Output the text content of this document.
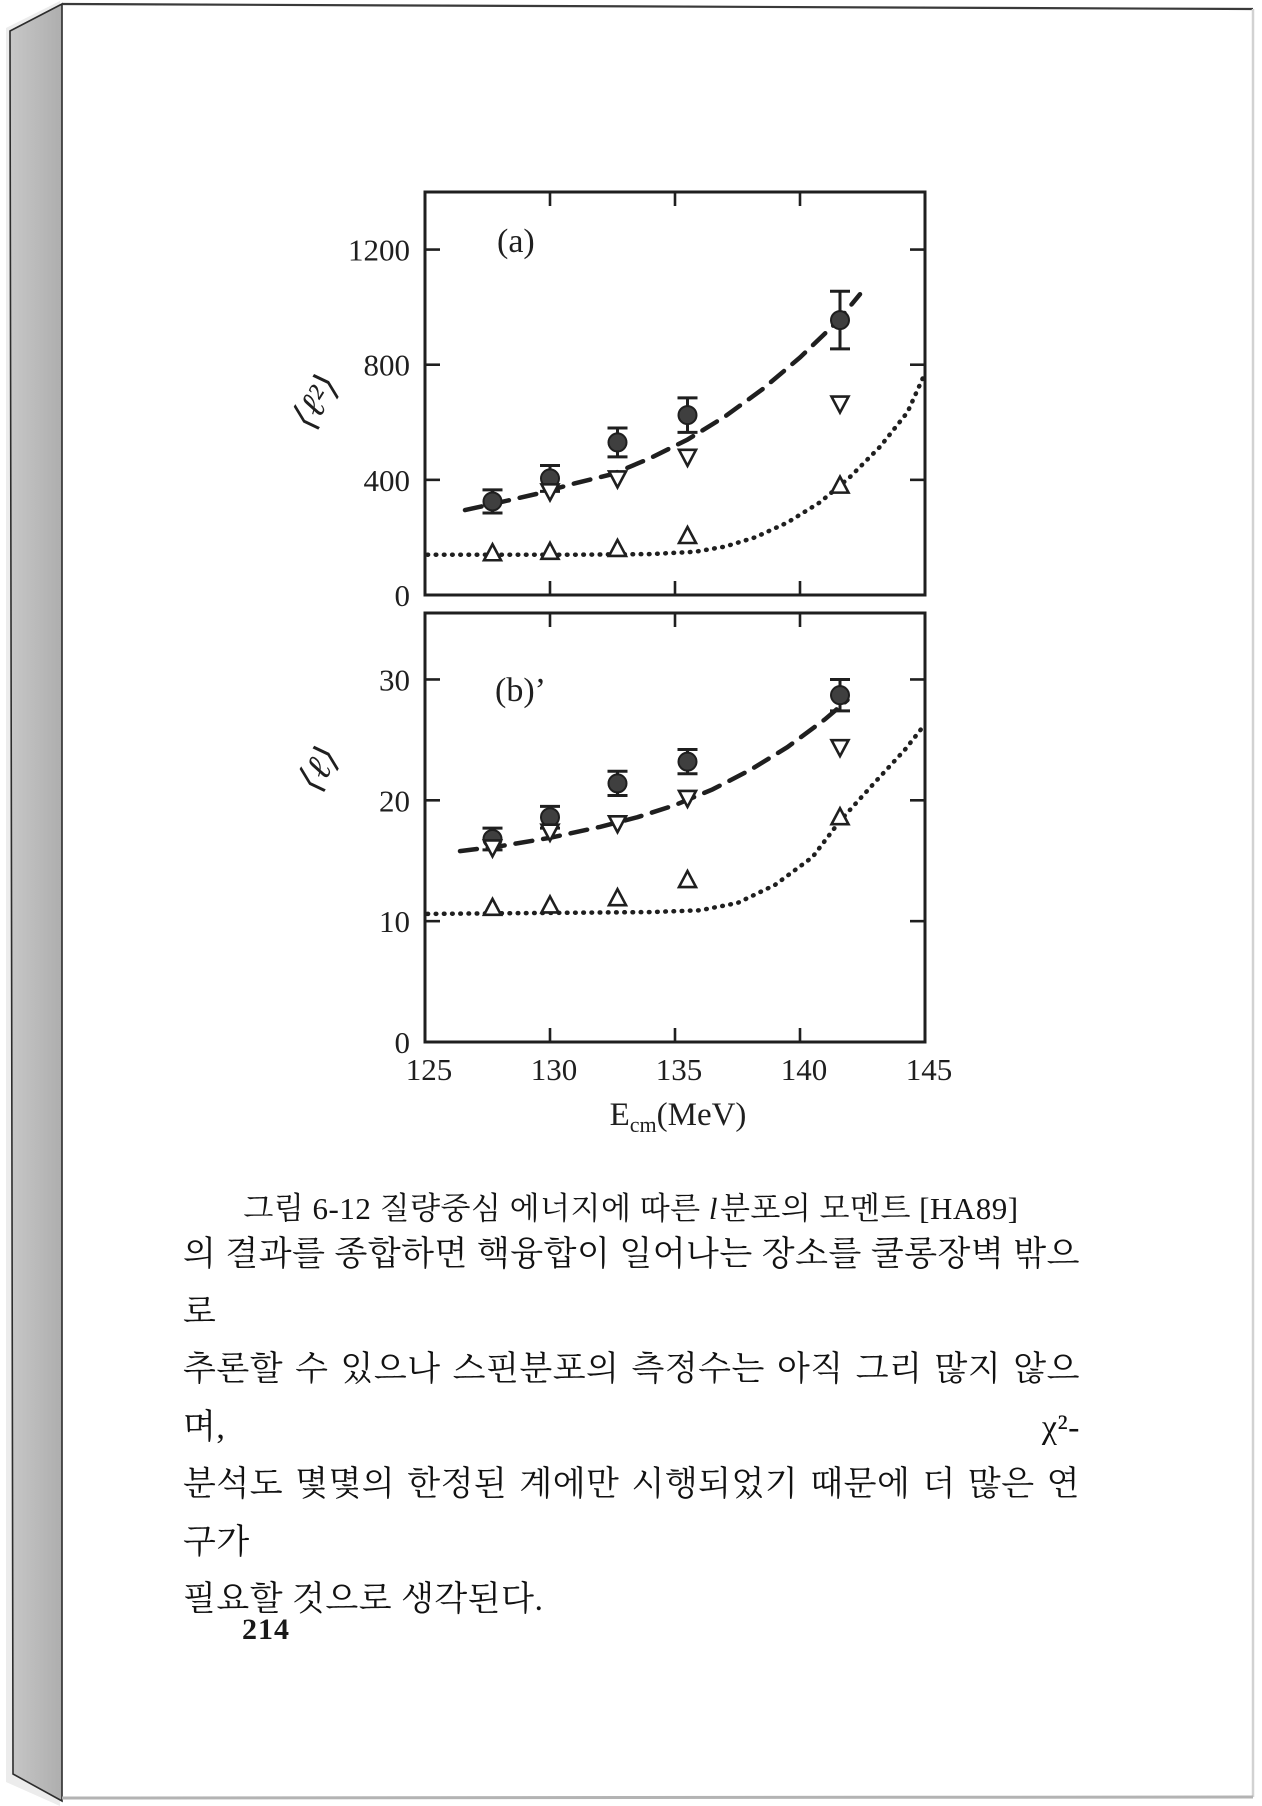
0
400
800
1200	(a)
⟨ℓ²⟩
0
10
20
30
125	130	135	140	145
(b)’
⟨ℓ⟩
$E_{cm}(MeV)$
그림 6-12 질량중심 에너지에 따른 l분포의 모멘트 [HA89]
의 결과를 종합하면 핵융합이 일어나는 장소를 쿨롱장벽 밖으로
추론할 수 있으나 스핀분포의 측정수는 아직 그리 많지 않으며, χ²-
분석도 몇몇의 한정된 계에만 시행되었기 때문에 더 많은 연구가
필요할 것으로 생각된다.
214
